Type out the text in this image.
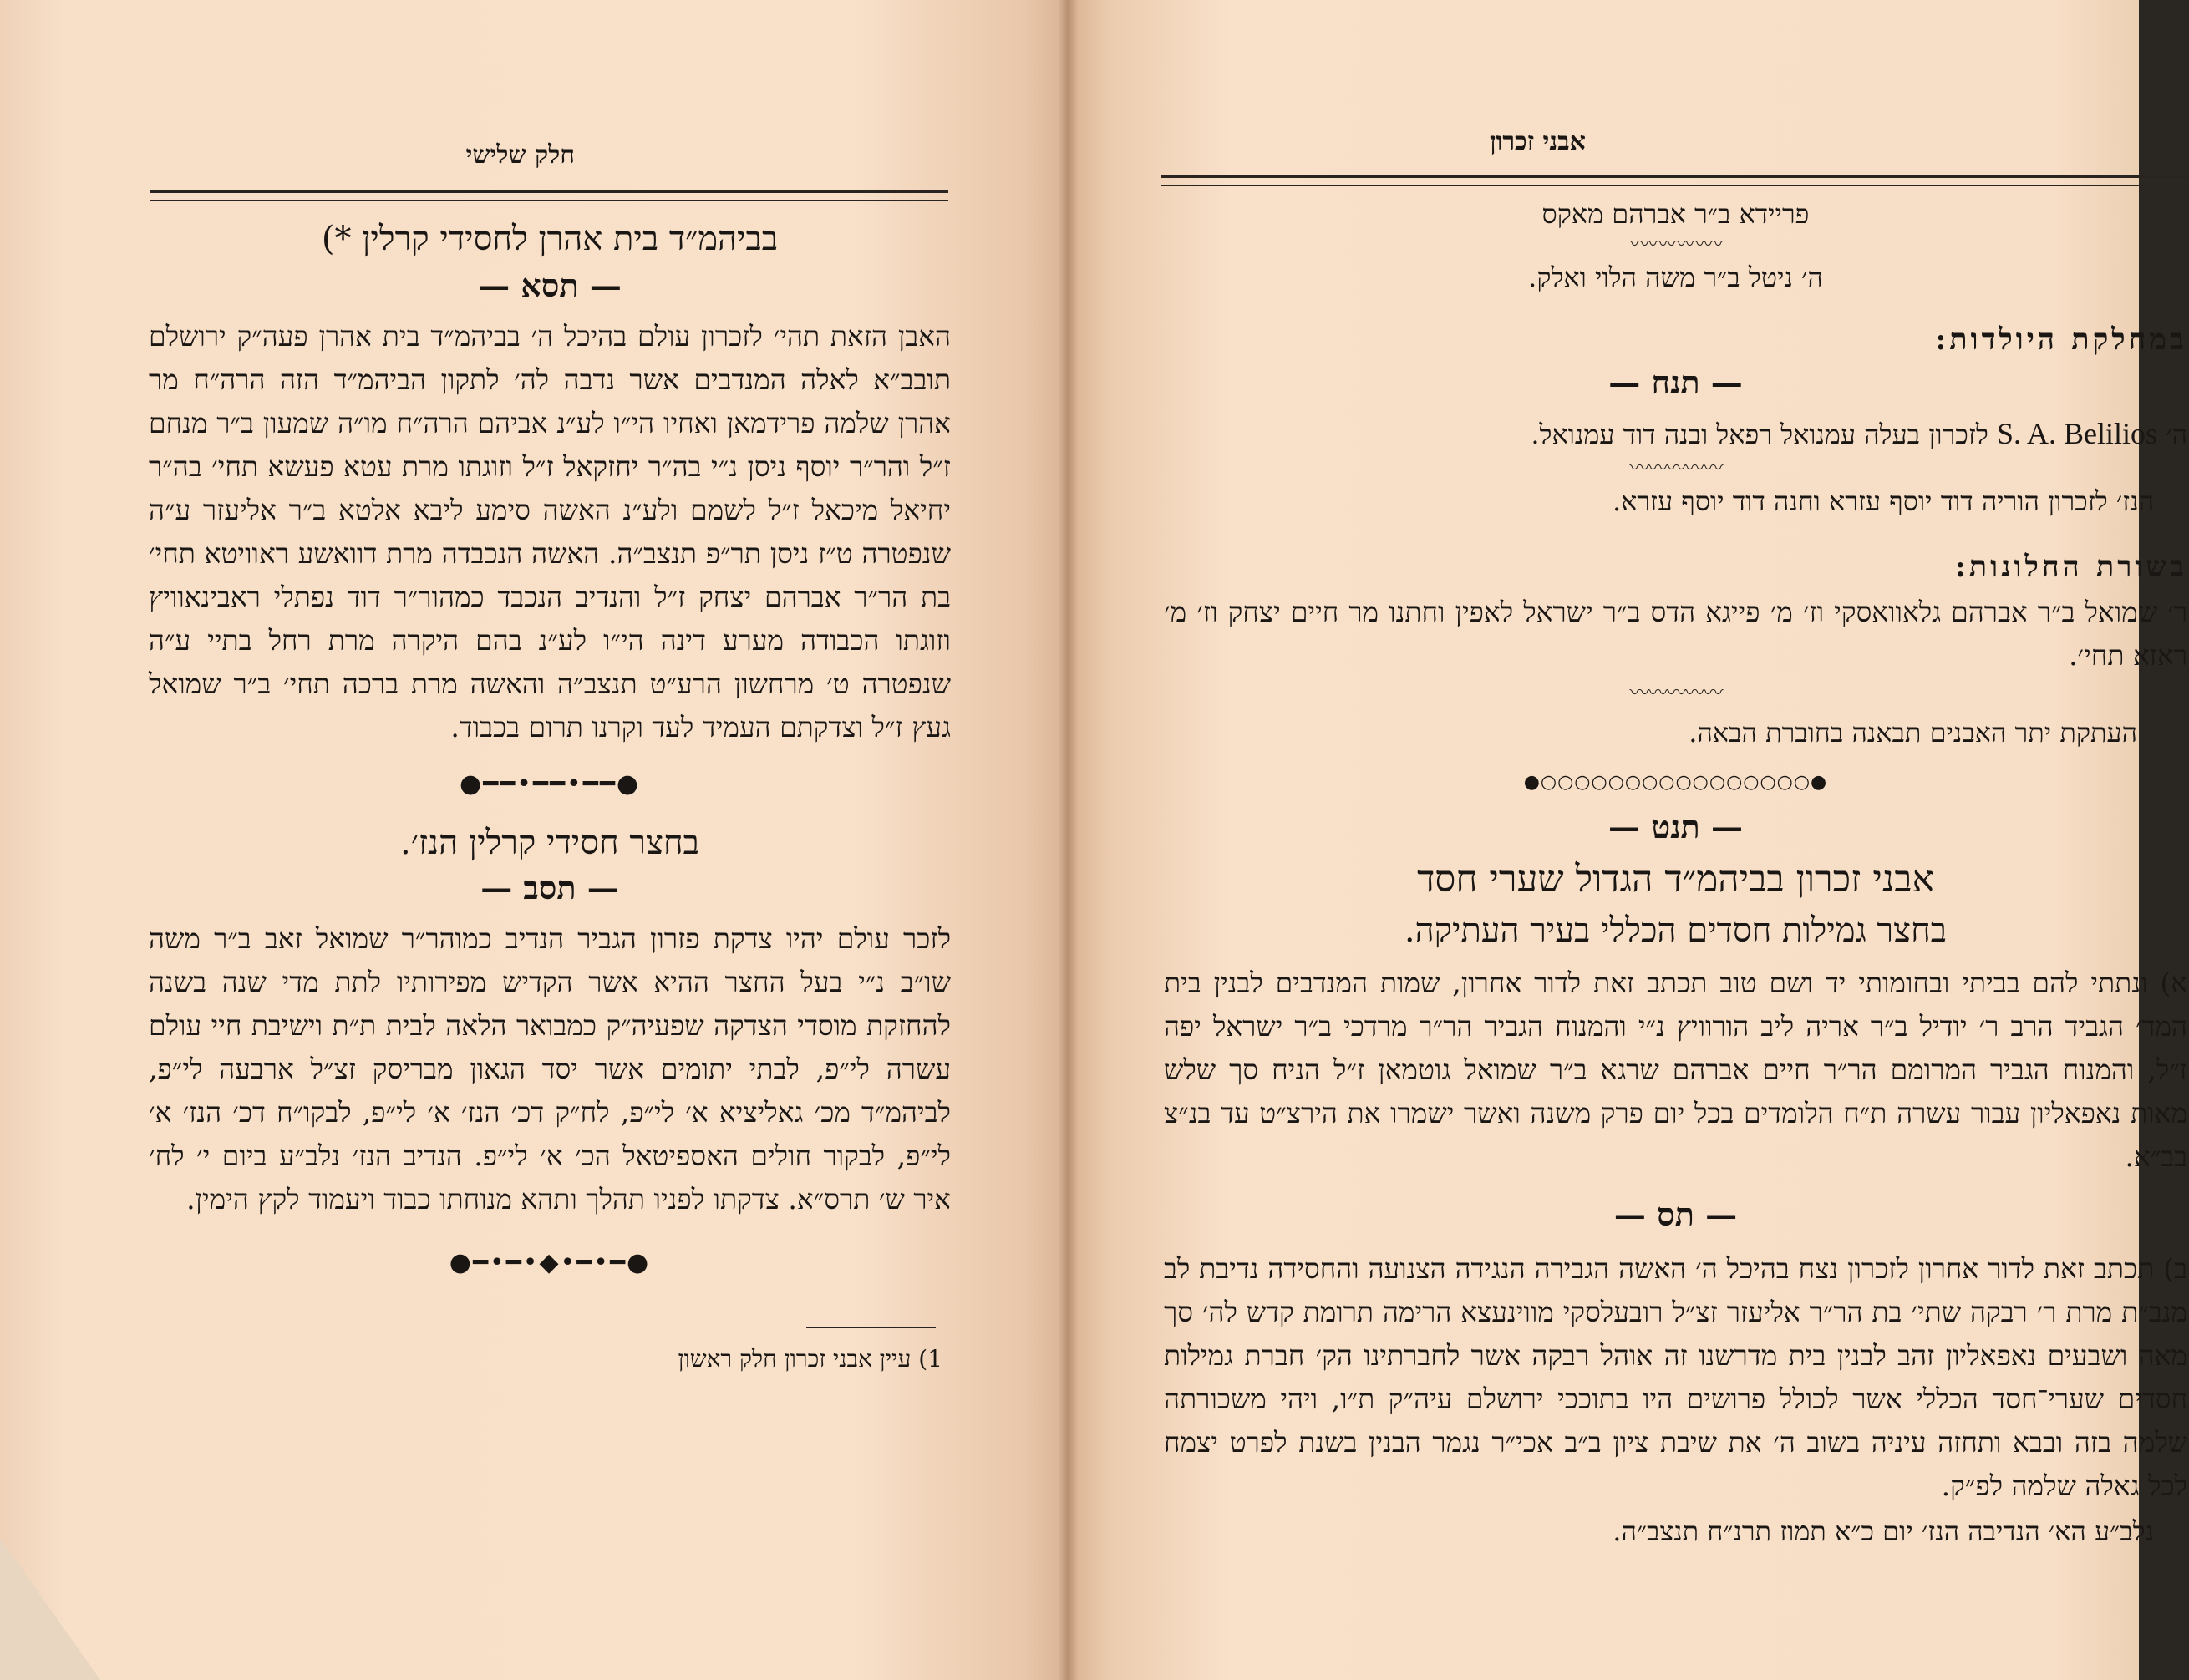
חלק שלישי

בביהמ״ד בית אהרן לחסידי קרלין *)

— תסא —

האבן הזאת תהי׳ לזכרון עולם בהיכל ה׳ בביהמ״ד בית אהרן פעה״ק ירושלם תובב״א לאלה המנדבים אשר נדבה לה׳ לתקון הביהמ״ד הזה הרה״ח מר אהרן שלמה פרידמאן ואחיו הי״ו לע״נ אביהם הרה״ח מו״ה שמעון ב״ר מנחם ז״ל והר״ר יוסף ניסן נ״י בה״ר יחזקאל ז״ל וזוגתו מרת עטא פעשא תחי׳ בה״ר יחיאל מיכאל ז״ל לשמם ולע״נ האשה סימע ליבא אלטא ב״ר אליעזר ע״ה שנפטרה ט״ז ניסן תר״פ תנצב״ה. האשה הנכבדה מרת דוואשע ראוויטא תחי׳ בת הר״ר אברהם יצחק ז״ל והנדיב הנכבד כמהור״ר דוד נפתלי ראבינאוויץ וזוגתו הכבודה מערע דינה הי״ו לע״נ בהם היקרה מרת רחל בתיי ע״ה שנפטרה ט׳ מרחשון הרע״ט תנצב״ה והאשה מרת ברכה תחי׳ ב״ר שמואל געץ ז״ל וצדקתם העמיד לעד וקרנו תרום בכבוד.

●━━•━━•━━●

בחצר חסידי קרלין הנז׳.

— תסב —

לזכר עולם יהיו צדקת פזרון הגביר הנדיב כמוהר״ר שמואל זאב ב״ר משה שו״ב נ״י בעל החצר ההיא אשר הקדיש מפירותיו לתת מדי שנה בשנה להחזקת מוסדי הצדקה שפעיה״ק כמבואר הלאה לבית ת״ת וישיבת חיי עולם עשרה לי״פ, לבתי יתומים אשר יסד הגאון מבריסק זצ״ל ארבעה לי״פ, לביהמ״ד מכ׳ גאליציא א׳ לי״פ, לח״ק דכ׳ הנז׳ א׳ לי״פ, לבקו״ח דכ׳ הנז׳ א׳ לי״פ, לבקור חולים האספיטאל הכ׳ א׳ לי״פ. הנדיב הנז׳ נלב״ע ביום י׳ לח׳ איר ש׳ תרס״א. צדקתו לפניו תהלך ותהא מנוחתו כבוד ויעמוד לקץ הימין.

●━•━•◆•━•━●
1) עיין אבני זכרון חלק ראשון
אבני זכרון

פריידא ב״ר אברהם מאקס

〰〰〰〰〰

ה׳ ניטל ב״ר משה הלוי ואלק.

במחלקת היולדות:

— תנח —

ה׳ S. A. Belilios לזכרון בעלה עמנואל רפאל ובנה דוד עמנואל.

〰〰〰〰〰

הנז׳ לזכרון הוריה דוד יוסף עזרא וחנה דוד יוסף עזרא.

בשורת החלונות:

ר׳ שמואל ב״ר אברהם גלאוואסקי וז׳ מ׳ פייגא הדס ב״ר ישראל לאפין וחתנו מר חיים יצחק וז׳ מ׳ ראזא תחי׳.

〰〰〰〰〰

העתקת יתר האבנים תבאנה בחוברת הבאה.

●○○○○○○○○○○○○○○○○●

— תנט —

אבני זכרון בביהמ״ד הגדול שערי חסד

בחצר גמילות חסדים הכללי בעיר העתיקה.

א) ונתתי להם בביתי ובחומותי יד ושם טוב תכתב זאת לדור אחרון, שמות המנדבים לבנין בית המד׳ הגביד הרב ר׳ יודיל ב״ר אריה ליב הורוויץ נ״י והמנוח הגביר הר״ר מרדכי ב״ר ישראל יפה ז״ל, והמנוח הגביר המרומם הר״ר חיים אברהם שרגא ב״ר שמואל גוטמאן ז״ל הניח סך שלש מאות נאפאליון עבור עשרה ת״ח הלומדים בכל יום פרק משנה ואשר ישמרו את הירצ״ט עד בנ״צ בב״א.

— תס —

ב) תכתב זאת לדור אחרון לזכרון נצח בהיכל ה׳ האשה הגבירה הנגידה הצנועה והחסידה נדיבת לב מנב״ת מרת ר׳ רבקה שתי׳ בת הר״ר אליעזר זצ״ל רובעלסקי מווינעצא הרימה תרומת קדש לה׳ סך מאה ושבעים נאפאליון זהב לבנין בית מדרשנו זה אוהל רבקה אשר לחברתינו הק׳ חברת גמילות חסדים שערי־חסד הכללי אשר לכולל פרושים היו בתוככי ירושלם עיה״ק ת״ו, ויהי משכורתה שלמה בזה ובבא ותחזה עיניה בשוב ה׳ את שיבת ציון ב״ב אכי״ר נגמר הבנין בשנת לפרט יצמח לכל גאלה שלמה לפ״ק.

נלב״ע הא׳ הנדיבה הנז׳ יום כ״א תמוז תרנ״ח תנצב״ה.
